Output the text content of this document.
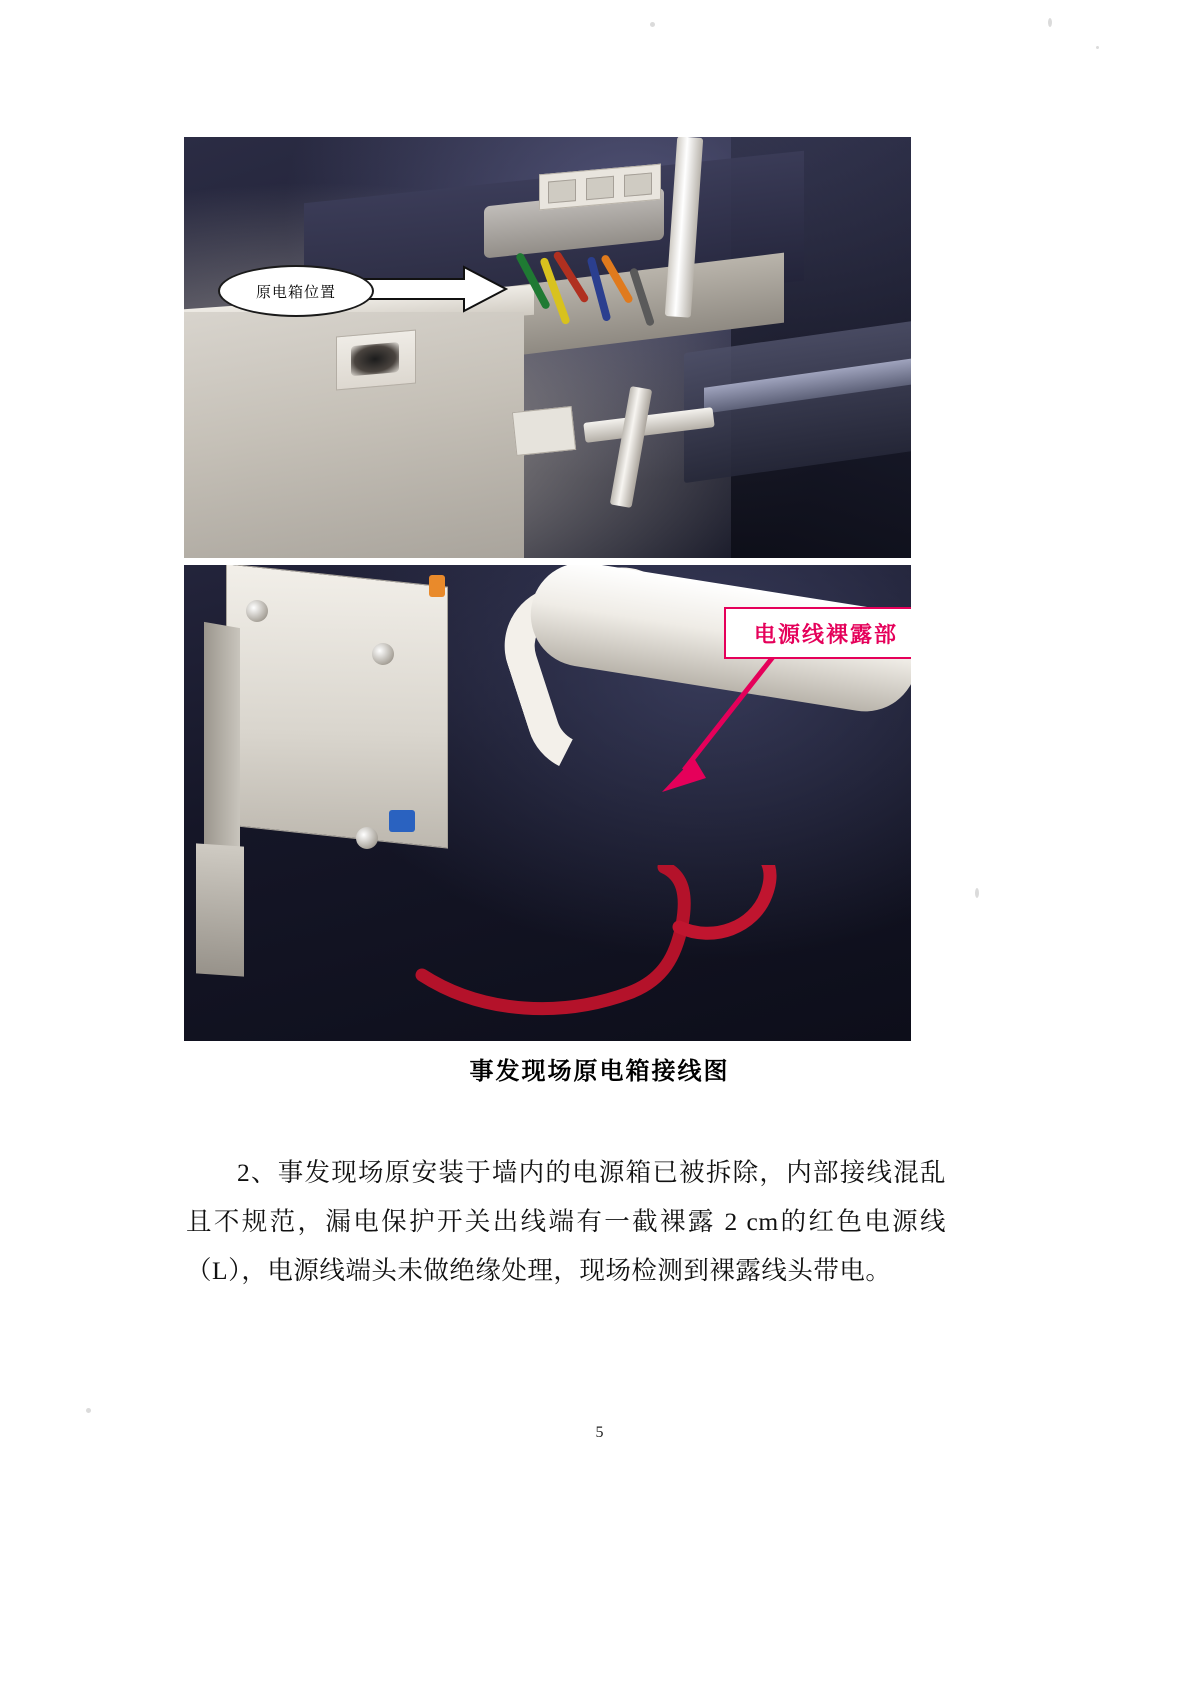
原电箱位置
电源线裸露部
事发现场原电箱接线图
2、事发现场原安装于墙内的电源箱已被拆除，内部接线混乱且不规范，漏电保护开关出线端有一截裸露 2 cm的红色电源线（L），电源线端头未做绝缘处理，现场检测到裸露线头带电。
5
